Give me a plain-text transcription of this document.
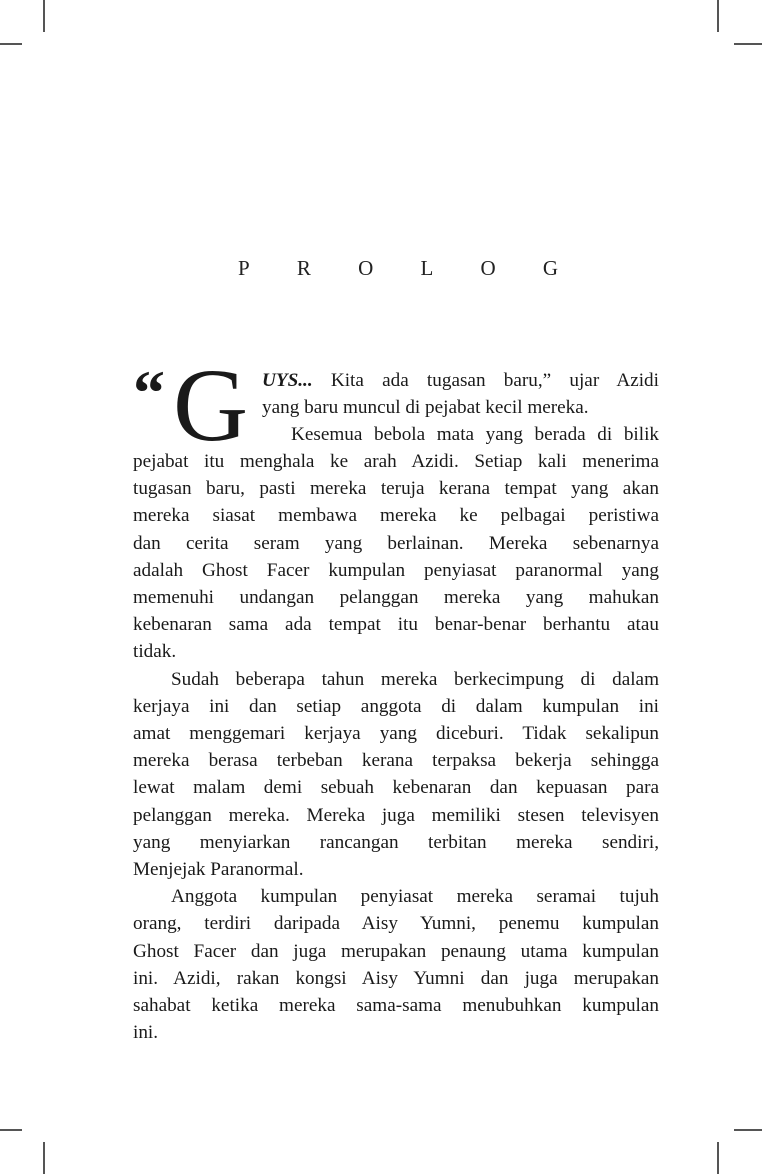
P R O L O G
“ G UYS... Kita ada tugasan baru,” ujar Azidi
yang baru muncul di pejabat kecil mereka.
Kesemua bebola mata yang berada di bilik
pejabat itu menghala ke arah Azidi. Setiap kali menerima
tugasan baru, pasti mereka teruja kerana tempat yang akan
mereka siasat membawa mereka ke pelbagai peristiwa
dan cerita seram yang berlainan. Mereka sebenarnya
adalah Ghost Facer kumpulan penyiasat paranormal yang
memenuhi undangan pelanggan mereka yang mahukan
kebenaran sama ada tempat itu benar-benar berhantu atau
tidak.
Sudah beberapa tahun mereka berkecimpung di dalam
kerjaya ini dan setiap anggota di dalam kumpulan ini
amat menggemari kerjaya yang diceburi. Tidak sekalipun
mereka berasa terbeban kerana terpaksa bekerja sehingga
lewat malam demi sebuah kebenaran dan kepuasan para
pelanggan mereka. Mereka juga memiliki stesen televisyen
yang menyiarkan rancangan terbitan mereka sendiri,
Menjejak Paranormal.
Anggota kumpulan penyiasat mereka seramai tujuh
orang, terdiri daripada Aisy Yumni, penemu kumpulan
Ghost Facer dan juga merupakan penaung utama kumpulan
ini. Azidi, rakan kongsi Aisy Yumni dan juga merupakan
sahabat ketika mereka sama-sama menubuhkan kumpulan
ini.
